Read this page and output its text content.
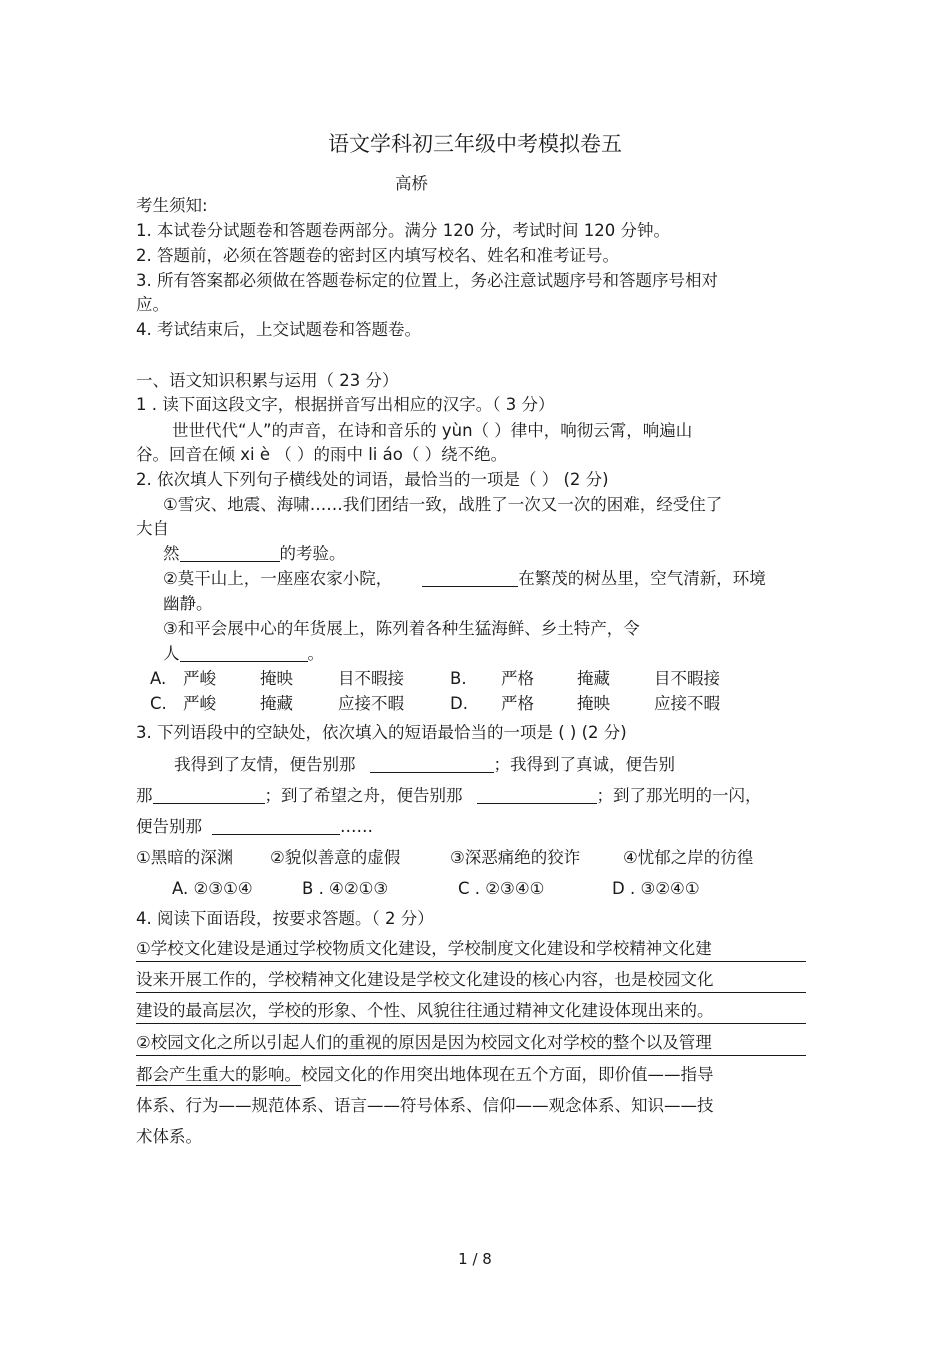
语文学科初三年级中考模拟卷五
高桥
考生须知:
1. 本试卷分试题卷和答题卷两部分。满分 120 分，考试时间 120 分钟。
2. 答题前，必须在答题卷的密封区内填写校名、姓名和准考证号。
3. 所有答案都必须做在答题卷标定的位置上，务必注意试题序号和答题序号相对
应。
4. 考试结束后，上交试题卷和答题卷。
一、语文知识积累与运用（ 23 分）
1 . 读下面这段文字，根据拼音写出相应的汉字。（ 3 分）
世世代代“人”的声音，在诗和音乐的 yùn（ ）律中，响彻云霄，响遍山
谷。回音在倾 xi è （ ）的雨中 li áo（ ）绕不绝。
2. 依次填人下列句子横线处的词语，最恰当的一项是（ ） (2 分)
①雪灾、地震、海啸……我们团结一致，战胜了一次又一次的困难，经受住了
大自
然	的考验。
②莫干山上，一座座农家小院，	在繁茂的树丛里，空气清新，环境
幽静。
③和平会展中心的年货展上，陈列着各种生猛海鲜、乡土特产，令
人	。
A. 严峻	掩映	目不暇接	B. 严格	掩藏	目不暇接
C. 严峻	掩藏	应接不暇	D. 严格	掩映	应接不暇
3. 下列语段中的空缺处，依次填入的短语最恰当的一项是 ( ) (2 分)
我得到了友情，便告别那	；我得到了真诚，便告别
那	；到了希望之舟，便告别那	；到了那光明的一闪，
便告别那	……
①黑暗的深渊 ②貌似善意的虚假	③深恶痛绝的狡诈	④忧郁之岸的彷徨
A. ②③①④	B . ④②①③	C . ②③④①	D . ③②④①
4. 阅读下面语段，按要求答题。（ 2 分）
①学校文化建设是通过学校物质文化建设，学校制度文化建设和学校精神文化建
设来开展工作的，学校精神文化建设是学校文化建设的核心内容，也是校园文化
建设的最高层次，学校的形象、个性、风貌往往通过精神文化建设体现出来的。
②校园文化之所以引起人们的重视的原因是因为校园文化对学校的整个以及管理
都会产生重大的影响。校园文化的作用突出地体现在五个方面，即价值——指导
体系、行为——规范体系、语言——符号体系、信仰——观念体系、知识——技
术体系。
1 / 8
